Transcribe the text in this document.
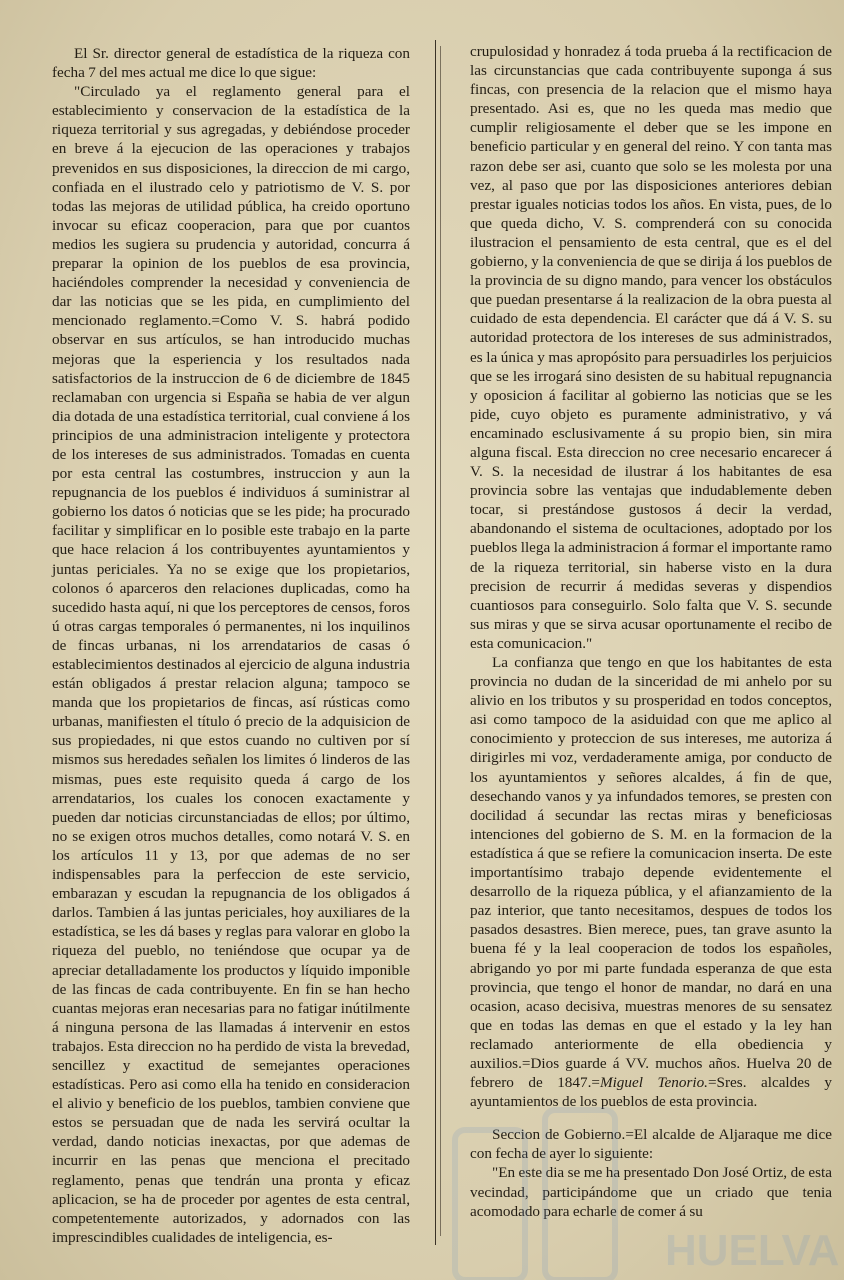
El Sr. director general de estadística de la riqueza con fecha 7 del mes actual me dice lo que sigue:

"Circulado ya el reglamento general para el establecimiento y conservacion de la estadística de la riqueza territorial y sus agregadas, y debiéndose proceder en breve á la ejecucion de las operaciones y trabajos prevenidos en sus disposiciones, la direccion de mi cargo, confiada en el ilustrado celo y patriotismo de V. S. por todas las mejoras de utilidad pública, ha creido oportuno invocar su eficaz cooperacion, para que por cuantos medios les sugiera su prudencia y autoridad, concurra á preparar la opinion de los pueblos de esa provincia, haciéndoles comprender la necesidad y conveniencia de dar las noticias que se les pida, en cumplimiento del mencionado reglamento.=Como V. S. habrá podido observar en sus artículos, se han introducido muchas mejoras que la esperiencia y los resultados nada satisfactorios de la instruccion de 6 de diciembre de 1845 reclamaban con urgencia si España se habia de ver algun dia dotada de una estadística territorial, cual conviene á los principios de una administracion inteligente y protectora de los intereses de sus administrados. Tomadas en cuenta por esta central las costumbres, instruccion y aun la repugnancia de los pueblos é individuos á suministrar al gobierno los datos ó noticias que se les pide; ha procurado facilitar y simplificar en lo posible este trabajo en la parte que hace relacion á los contribuyentes ayuntamientos y juntas periciales. Ya no se exige que los propietarios, colonos ó aparceros den relaciones duplicadas, como ha sucedido hasta aquí, ni que los perceptores de censos, foros ú otras cargas temporales ó permanentes, ni los inquilinos de fincas urbanas, ni los arrendatarios de casas ó establecimientos destinados al ejercicio de alguna industria están obligados á prestar relacion alguna; tampoco se manda que los propietarios de fincas, así rústicas como urbanas, manifiesten el título ó precio de la adquisicion de sus propiedades, ni que estos cuando no cultiven por sí mismos sus heredades señalen los limites ó linderos de las mismas, pues este requisito queda á cargo de los arrendatarios, los cuales los conocen exactamente y pueden dar noticias circunstanciadas de ellos; por último, no se exigen otros muchos detalles, como notará V. S. en los artículos 11 y 13, por que ademas de no ser indispensables para la perfeccion de este servicio, embarazan y escudan la repugnancia de los obligados á darlos. Tambien á las juntas periciales, hoy auxiliares de la estadística, se les dá bases y reglas para valorar en globo la riqueza del pueblo, no teniéndose que ocupar ya de apreciar detalladamente los productos y líquido imponible de las fincas de cada contribuyente. En fin se han hecho cuantas mejoras eran necesarias para no fatigar inútilmente á ninguna persona de las llamadas á intervenir en estos trabajos. Esta direccion no ha perdido de vista la brevedad, sencillez y exactitud de semejantes operaciones estadísticas. Pero asi como ella ha tenido en consideracion el alivio y beneficio de los pueblos, tambien conviene que estos se persuadan que de nada les servirá ocultar la verdad, dando noticias inexactas, por que ademas de incurrir en las penas que menciona el precitado reglamento, penas que tendrán una pronta y eficaz aplicacion, se ha de proceder por agentes de esta central, competentemente autorizados, y adornados con las imprescindibles cualidades de inteligencia, es-

crupulosidad y honradez á toda prueba á la rectificacion de las circunstancias que cada contribuyente suponga á sus fincas, con presencia de la relacion que el mismo haya presentado. Asi es, que no les queda mas medio que cumplir religiosamente el deber que se les impone en beneficio particular y en general del reino. Y con tanta mas razon debe ser asi, cuanto que solo se les molesta por una vez, al paso que por las disposiciones anteriores debian prestar iguales noticias todos los años. En vista, pues, de lo que queda dicho, V. S. comprenderá con su conocida ilustracion el pensamiento de esta central, que es el del gobierno, y la conveniencia de que se dirija á los pueblos de la provincia de su digno mando, para vencer los obstáculos que puedan presentarse á la realizacion de la obra puesta al cuidado de esta dependencia. El carácter que dá á V. S. su autoridad protectora de los intereses de sus administrados, es la única y mas apropósito para persuadirles los perjuicios que se les irrogará sino desisten de su habitual repugnancia y oposicion á facilitar al gobierno las noticias que se les pide, cuyo objeto es puramente administrativo, y vá encaminado esclusivamente á su propio bien, sin mira alguna fiscal. Esta direccion no cree necesario encarecer á V. S. la necesidad de ilustrar á los habitantes de esa provincia sobre las ventajas que indudablemente deben tocar, si prestándose gustosos á decir la verdad, abandonando el sistema de ocultaciones, adoptado por los pueblos llega la administracion á formar el importante ramo de la riqueza territorial, sin haberse visto en la dura precision de recurrir á medidas severas y dispendios cuantiosos para conseguirlo. Solo falta que V. S. secunde sus miras y que se sirva acusar oportunamente el recibo de esta comunicacion."

La confianza que tengo en que los habitantes de esta provincia no dudan de la sinceridad de mi anhelo por su alivio en los tributos y su prosperidad en todos conceptos, asi como tampoco de la asiduidad con que me aplico al conocimiento y proteccion de sus intereses, me autoriza á dirigirles mi voz, verdaderamente amiga, por conducto de los ayuntamientos y señores alcaldes, á fin de que, desechando vanos y ya infundados temores, se presten con docilidad á secundar las rectas miras y beneficiosas intenciones del gobierno de S. M. en la formacion de la estadística á que se refiere la comunicacion inserta. De este importantísimo trabajo depende evidentemente el desarrollo de la riqueza pública, y el afianzamiento de la paz interior, que tanto necesitamos, despues de todos los pasados desastres. Bien merece, pues, tan grave asunto la buena fé y la leal cooperacion de todos los españoles, abrigando yo por mi parte fundada esperanza de que esta provincia, que tengo el honor de mandar, no dará en una ocasion, acaso decisiva, muestras menores de su sensatez que en todas las demas en que el estado y la ley han reclamado anteriormente de ella obediencia y auxilios.=Dios guarde á VV. muchos años. Huelva 20 de febrero de 1847.=Miguel Tenorio.=Sres. alcaldes y ayuntamientos de los pueblos de esta provincia.

Seccion de Gobierno.=El alcalde de Aljaraque me dice con fecha de ayer lo siguiente:

"En este dia se me ha presentado Don José Ortiz, de esta vecindad, participándome que un criado que tenia acomodado para echarle de comer á su

HUELVA
